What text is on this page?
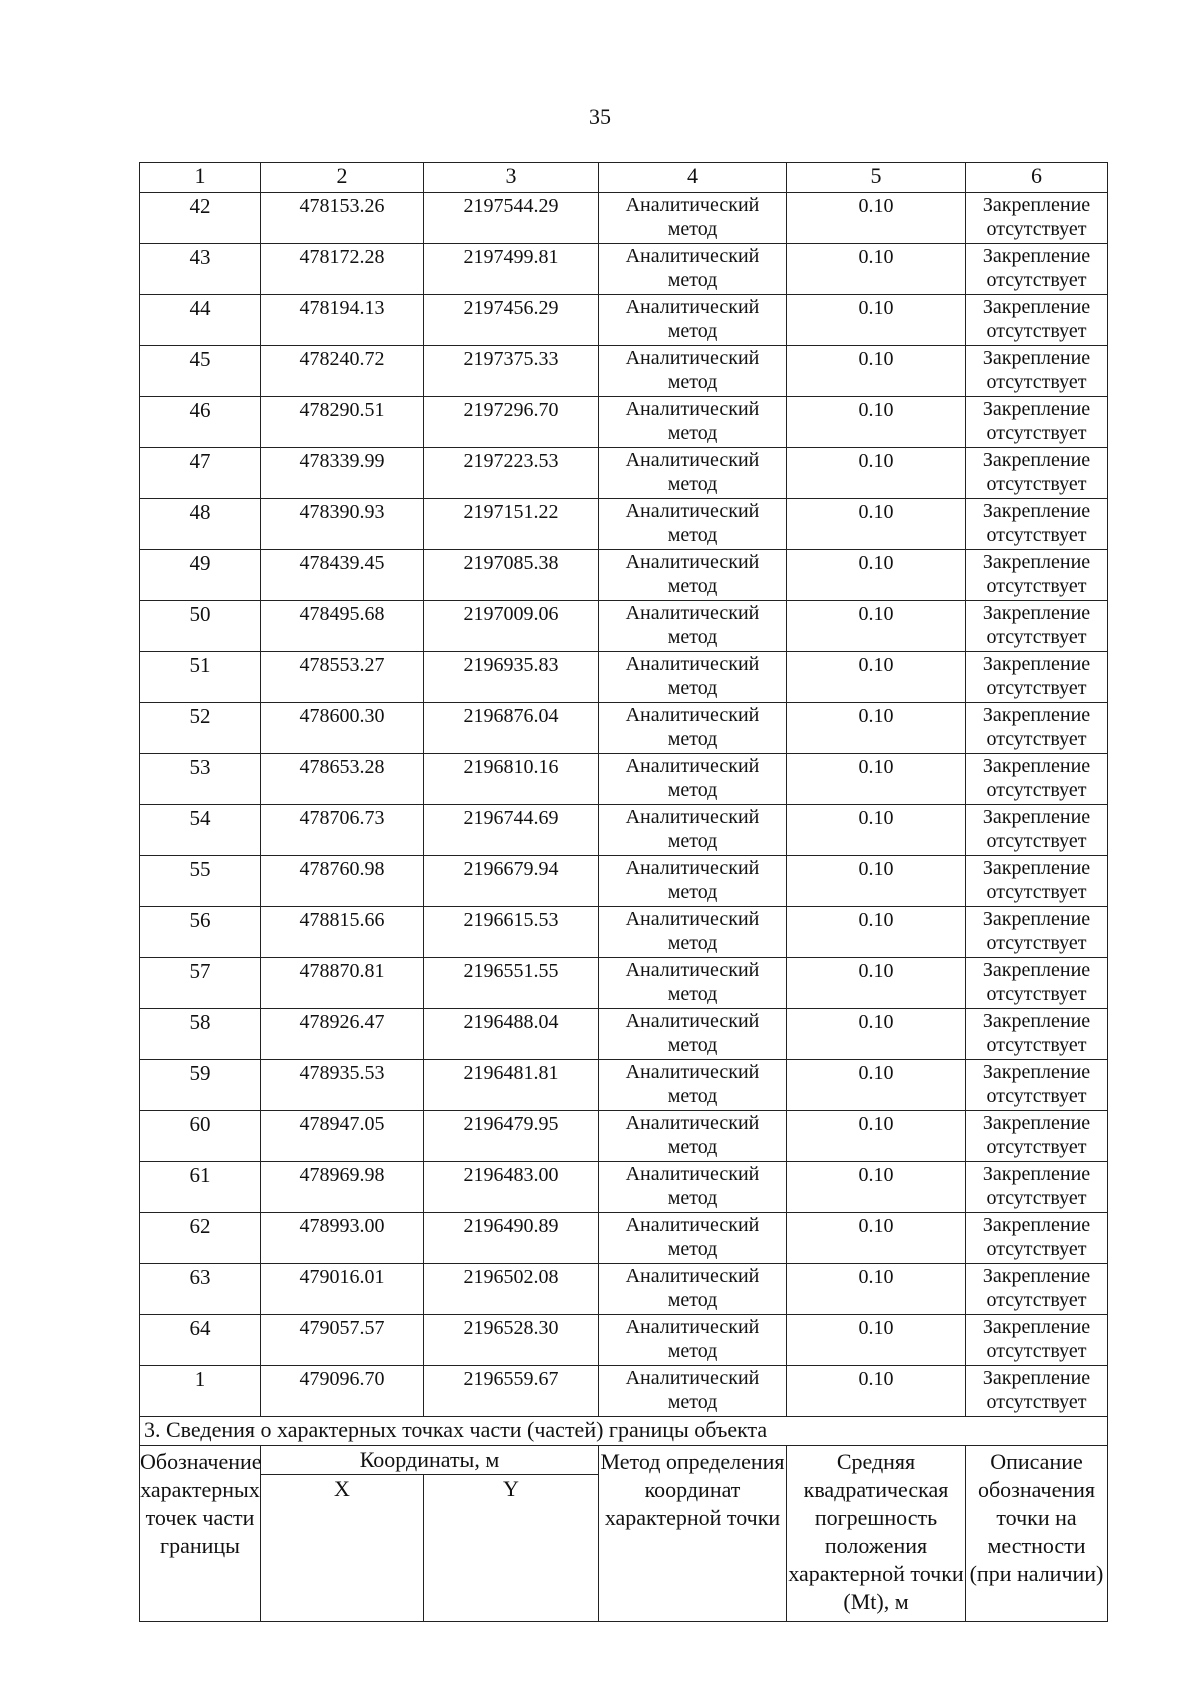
35
1	2	3	4	5	6
42	478153.26	2197544.29	Аналитический метод	0.10	Закрепление отсутствует
43	478172.28	2197499.81	Аналитический метод	0.10	Закрепление отсутствует
44	478194.13	2197456.29	Аналитический метод	0.10	Закрепление отсутствует
45	478240.72	2197375.33	Аналитический метод	0.10	Закрепление отсутствует
46	478290.51	2197296.70	Аналитический метод	0.10	Закрепление отсутствует
47	478339.99	2197223.53	Аналитический метод	0.10	Закрепление отсутствует
48	478390.93	2197151.22	Аналитический метод	0.10	Закрепление отсутствует
49	478439.45	2197085.38	Аналитический метод	0.10	Закрепление отсутствует
50	478495.68	2197009.06	Аналитический метод	0.10	Закрепление отсутствует
51	478553.27	2196935.83	Аналитический метод	0.10	Закрепление отсутствует
52	478600.30	2196876.04	Аналитический метод	0.10	Закрепление отсутствует
53	478653.28	2196810.16	Аналитический метод	0.10	Закрепление отсутствует
54	478706.73	2196744.69	Аналитический метод	0.10	Закрепление отсутствует
55	478760.98	2196679.94	Аналитический метод	0.10	Закрепление отсутствует
56	478815.66	2196615.53	Аналитический метод	0.10	Закрепление отсутствует
57	478870.81	2196551.55	Аналитический метод	0.10	Закрепление отсутствует
58	478926.47	2196488.04	Аналитический метод	0.10	Закрепление отсутствует
59	478935.53	2196481.81	Аналитический метод	0.10	Закрепление отсутствует
60	478947.05	2196479.95	Аналитический метод	0.10	Закрепление отсутствует
61	478969.98	2196483.00	Аналитический метод	0.10	Закрепление отсутствует
62	478993.00	2196490.89	Аналитический метод	0.10	Закрепление отсутствует
63	479016.01	2196502.08	Аналитический метод	0.10	Закрепление отсутствует
64	479057.57	2196528.30	Аналитический метод	0.10	Закрепление отсутствует
1	479096.70	2196559.67	Аналитический метод	0.10	Закрепление отсутствует
3. Сведения о характерных точках части (частей) границы объекта					
Обозначение характерных точек части границы	Координаты, м		Метод определения координат характерной точки	Средняя квадратическая погрешность положения характерной точки (Mt), м	Описание обозначения точки на местности (при наличии)
	X	Y			
